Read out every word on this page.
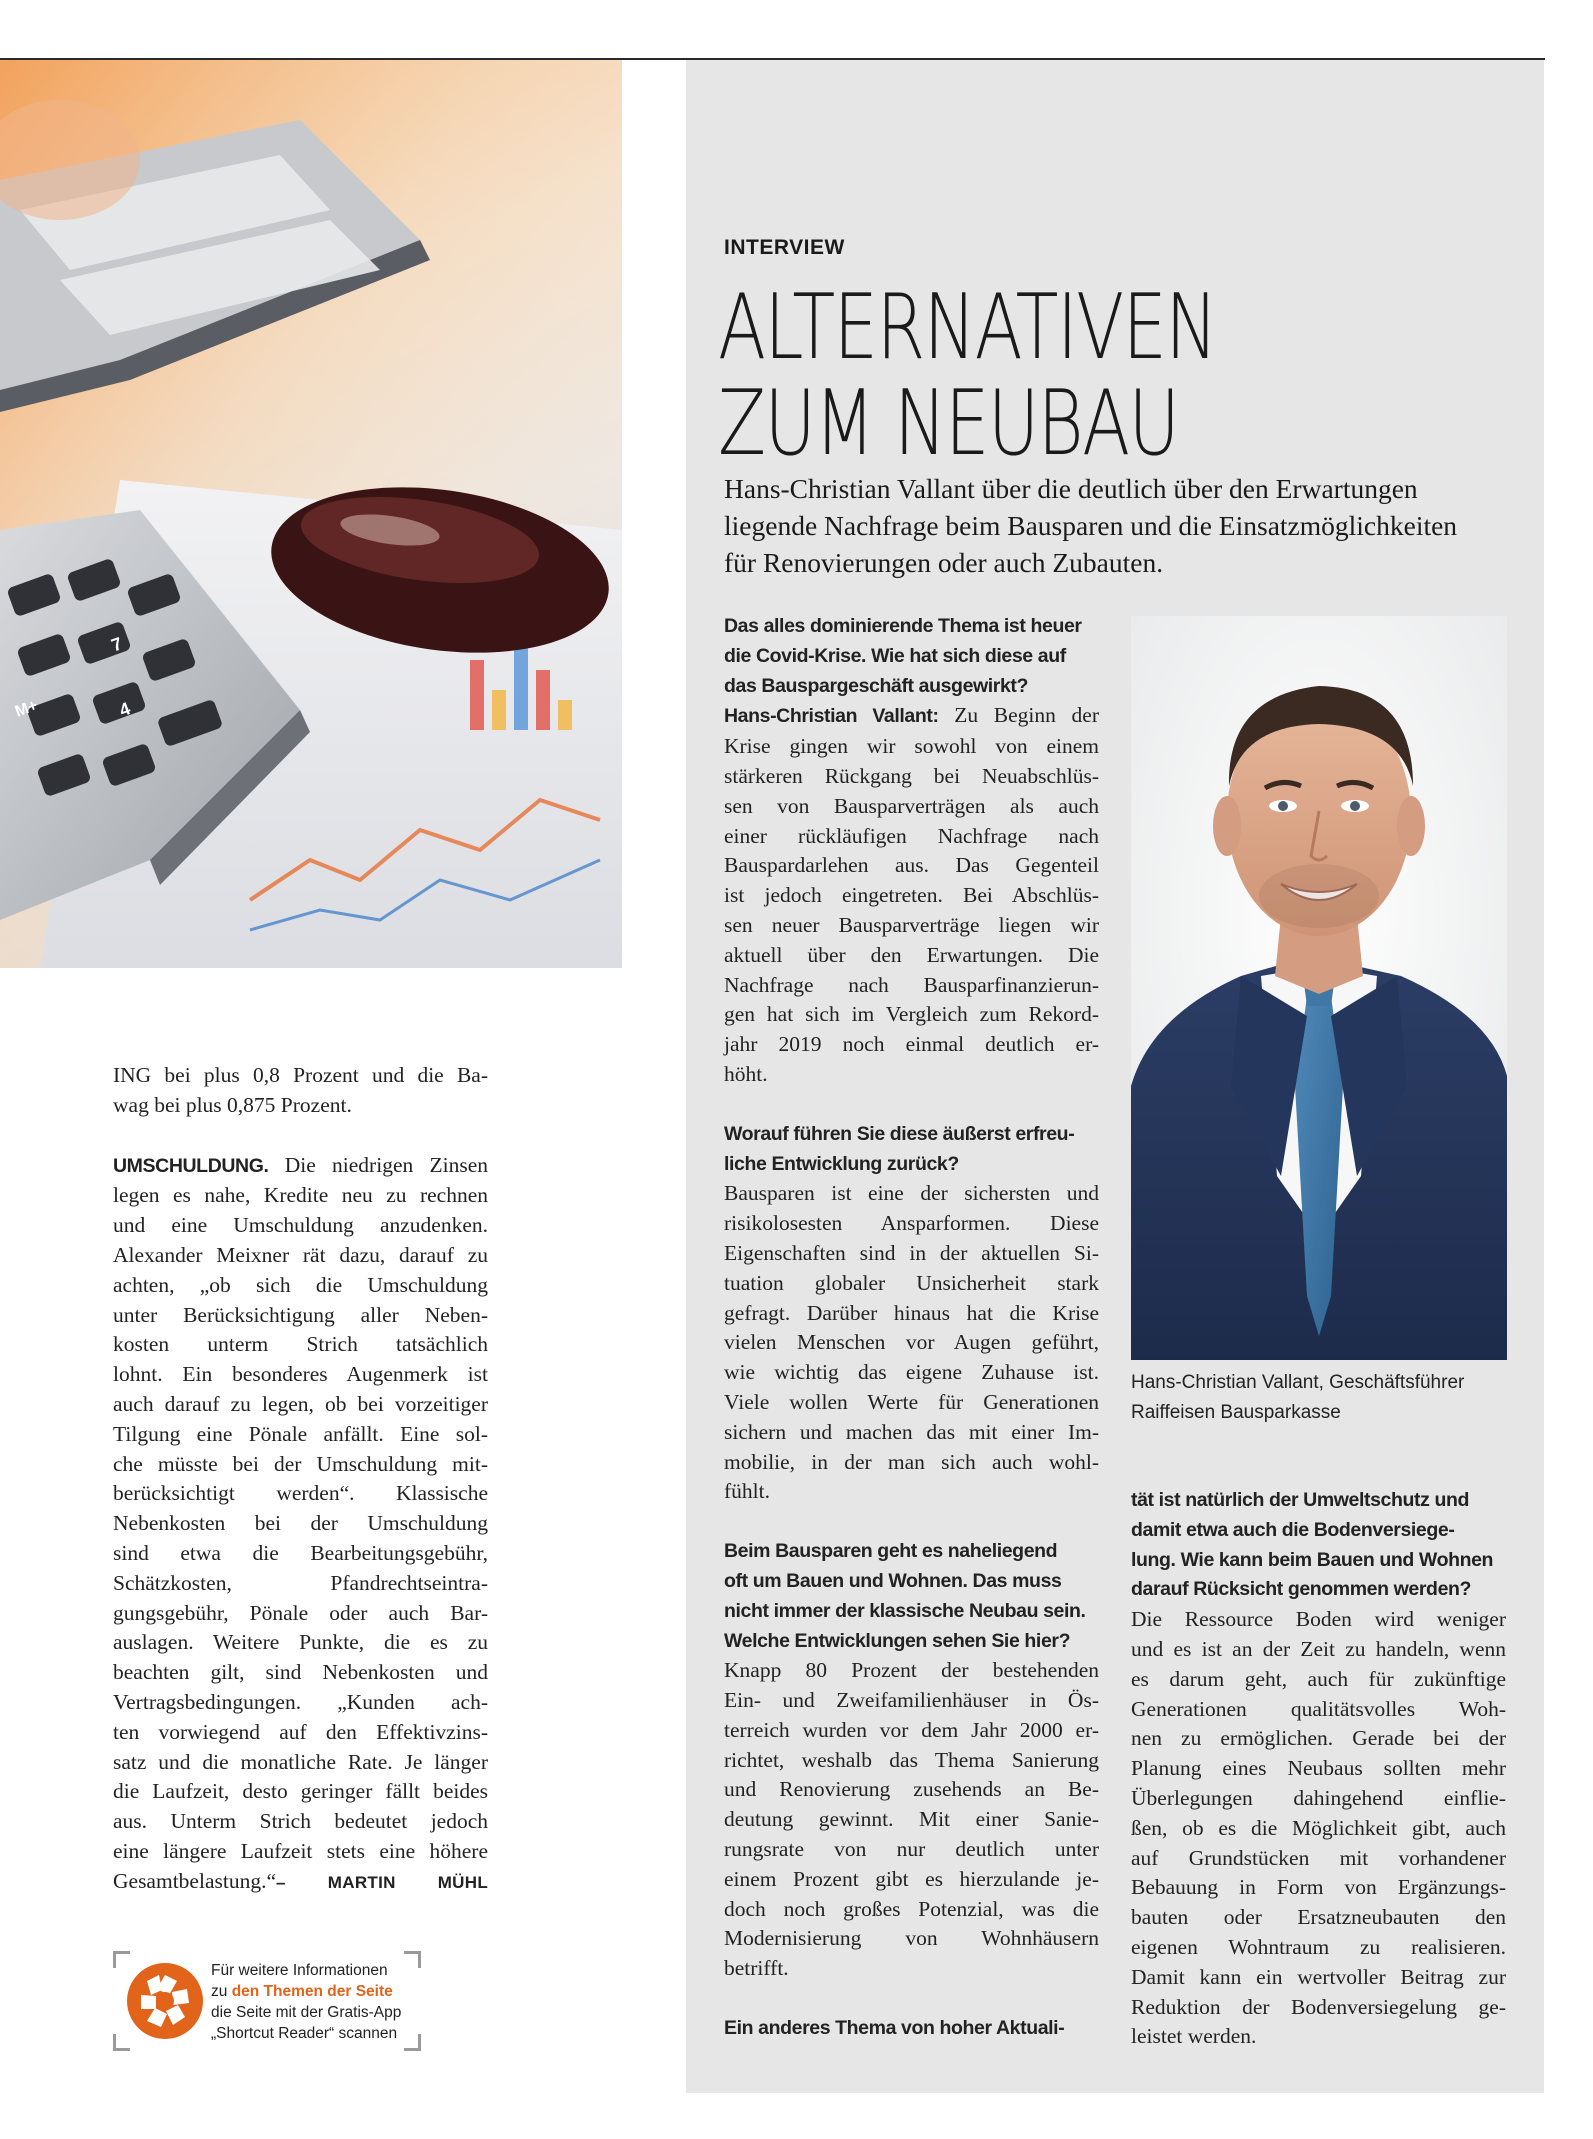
M+
7
4
INTERVIEW
ALTERNATIVEN
ZUM NEUBAU
Hans-Christian Vallant über die deutlich über den Erwartungen
liegende Nachfrage beim Bausparen und die Einsatzmöglichkeiten
für Renovierungen oder auch Zubauten.
ING bei plus 0,8 Prozent und die Ba-
wag bei plus 0,875 Prozent.
UMSCHULDUNG. Die niedrigen Zinsen
legen es nahe, Kredite neu zu rechnen
und eine Umschuldung anzudenken.
Alexander Meixner rät dazu, darauf zu
achten, „ob sich die Umschuldung
unter Berücksichtigung aller Neben-
kosten unterm Strich tatsächlich
lohnt. Ein besonderes Augenmerk ist
auch darauf zu legen, ob bei vorzeitiger
Tilgung eine Pönale anfällt. Eine sol-
che müsste bei der Umschuldung mit-
berücksichtigt werden“. Klassische
Nebenkosten bei der Umschuldung
sind etwa die Bearbeitungsgebühr,
Schätzkosten, Pfandrechtseintra-
gungsgebühr, Pönale oder auch Bar-
auslagen. Weitere Punkte, die es zu
beachten gilt, sind Nebenkosten und
Vertragsbedingungen. „Kunden ach-
ten vorwiegend auf den Effektivzins-
satz und die monatliche Rate. Je länger
die Laufzeit, desto geringer fällt beides
aus. Unterm Strich bedeutet jedoch
eine längere Laufzeit stets eine höhere
Gesamtbelastung.“– MARTIN MÜHL
Das alles dominierende Thema ist heuer
die Covid-Krise. Wie hat sich diese auf
das Bauspargeschäft ausgewirkt?
Hans-Christian Vallant: Zu Beginn der
Krise gingen wir sowohl von einem
stärkeren Rückgang bei Neuabschlüs-
sen von Bausparverträgen als auch
einer rückläufigen Nachfrage nach
Bauspardarlehen aus. Das Gegenteil
ist jedoch eingetreten. Bei Abschlüs-
sen neuer Bausparverträge liegen wir
aktuell über den Erwartungen. Die
Nachfrage nach Bausparfinanzierun-
gen hat sich im Vergleich zum Rekord-
jahr 2019 noch einmal deutlich er-
höht.
Worauf führen Sie diese äußerst erfreu-
liche Entwicklung zurück?
Bausparen ist eine der sichersten und
risikolosesten Ansparformen. Diese
Eigenschaften sind in der aktuellen Si-
tuation globaler Unsicherheit stark
gefragt. Darüber hinaus hat die Krise
vielen Menschen vor Augen geführt,
wie wichtig das eigene Zuhause ist.
Viele wollen Werte für Generationen
sichern und machen das mit einer Im-
mobilie, in der man sich auch wohl-
fühlt.
Beim Bausparen geht es naheliegend
oft um Bauen und Wohnen. Das muss
nicht immer der klassische Neubau sein.
Welche Entwicklungen sehen Sie hier?
Knapp 80 Prozent der bestehenden
Ein- und Zweifamilienhäuser in Ös-
terreich wurden vor dem Jahr 2000 er-
richtet, weshalb das Thema Sanierung
und Renovierung zusehends an Be-
deutung gewinnt. Mit einer Sanie-
rungsrate von nur deutlich unter
einem Prozent gibt es hierzulande je-
doch noch großes Potenzial, was die
Modernisierung von Wohnhäusern
betrifft.
Ein anderes Thema von hoher Aktuali-
Hans-Christian Vallant, Geschäftsführer
Raiffeisen Bausparkasse
tät ist natürlich der Umweltschutz und
damit etwa auch die Bodenversiege-
lung. Wie kann beim Bauen und Wohnen
darauf Rücksicht genommen werden?
Die Ressource Boden wird weniger
und es ist an der Zeit zu handeln, wenn
es darum geht, auch für zukünftige
Generationen qualitätsvolles Woh-
nen zu ermöglichen. Gerade bei der
Planung eines Neubaus sollten mehr
Überlegungen dahingehend einflie-
ßen, ob es die Möglichkeit gibt, auch
auf Grundstücken mit vorhandener
Bebauung in Form von Ergänzungs-
bauten oder Ersatzneubauten den
eigenen Wohntraum zu realisieren.
Damit kann ein wertvoller Beitrag zur
Reduktion der Bodenversiegelung ge-
leistet werden.
Für weitere Informationen
zu den Themen der Seite
die Seite mit der Gratis-App
„Shortcut Reader“ scannen
